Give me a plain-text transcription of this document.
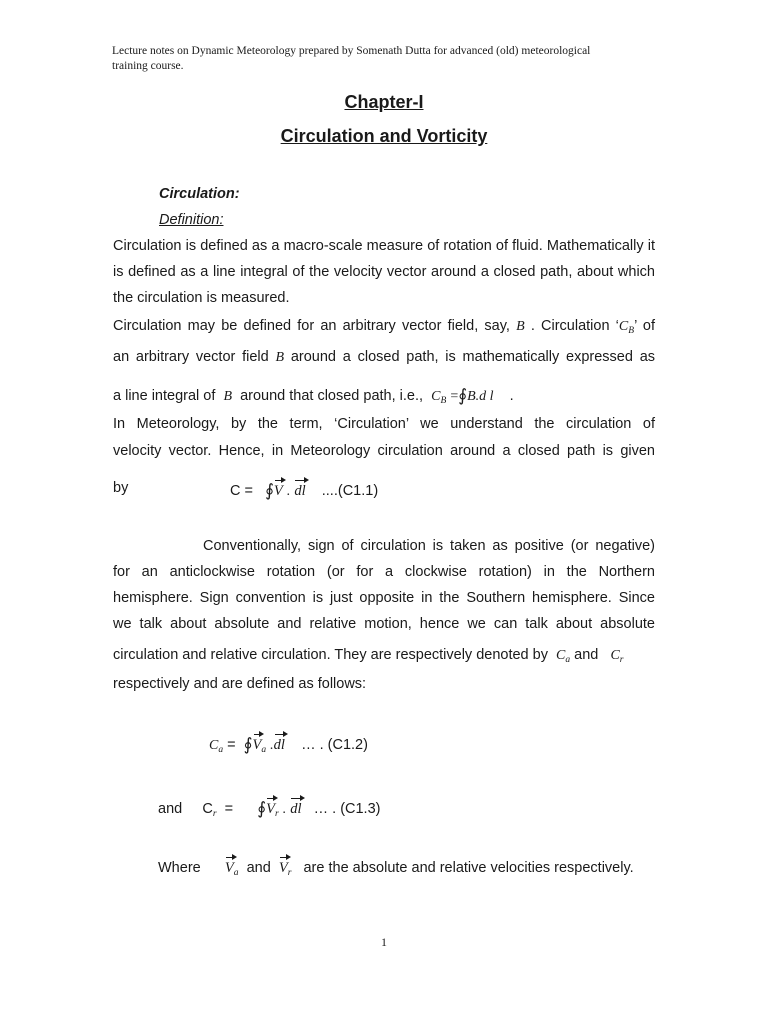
Lecture notes on Dynamic Meteorology prepared by Somenath Dutta for advanced (old) meteorological
training course.
Chapter-I
Circulation and Vorticity
Circulation:
Definition:
Circulation is defined as a macro-scale measure of rotation of fluid. Mathematically it is defined as a line integral of the velocity vector around a closed path, about which the circulation is measured.
Circulation may be defined for an arbitrary vector field, say, B . Circulation ‘$C_B$’ of
an arbitrary vector field B around a closed path, is mathematically expressed as
a line integral of B around that closed path, i.e., $C_B$ =∮B.d l    .
In Meteorology, by the term, ‘Circulation’ we understand the circulation of
velocity vector. Hence, in Meteorology circulation around a closed path is given
by	C = ∮V . dl ....(C1.1)
Conventionally, sign of circulation is taken as positive (or negative)
for an anticlockwise rotation (or for a clockwise rotation) in the Northern
hemisphere. Sign convention is just opposite in the Southern hemisphere. Since
we talk about absolute and relative motion, hence we can talk about absolute
circulation and relative circulation. They are respectively denoted by $C_a$ and $C_r$
respectively and are defined as follows:
$C_a$ = $∮V_a$ .dl … . (C1.2)
and $C_r$ = $∮V_r$ . dl … . (C1.3)
Where $V_a$ and $V_r$ are the absolute and relative velocities respectively.
1
